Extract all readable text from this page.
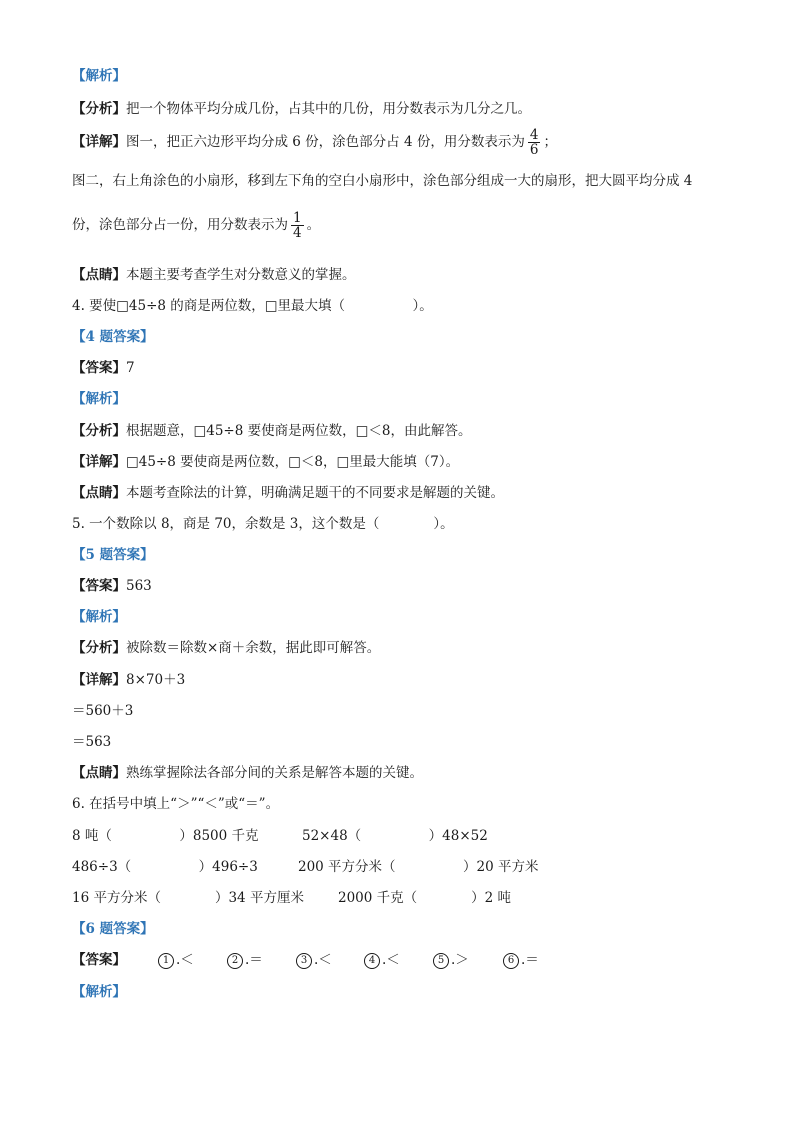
【解析】
【分析】把一个物体平均分成几份，占其中的几份，用分数表示为几分之几。
【详解】图一，把正六边形平均分成 6 份，涂色部分占 4 份，用分数表示为 $\frac{4}{6}$ ；
图二，右上角涂色的小扇形，移到左下角的空白小扇形中，涂色部分组成一大的扇形，把大圆平均分成 4
份，涂色部分占一份，用分数表示为 $\frac{1}{4}$ 。
【点睛】本题主要考查学生对分数意义的掌握。
4. 要使□45÷8 的商是两位数，□里最大填（　　　　　）。
【4 题答案】
【答案】7
【解析】
【分析】根据题意，□45÷8 要使商是两位数，□＜8，由此解答。
【详解】□45÷8 要使商是两位数，□＜8，□里最大能填（7）。
【点睛】本题考查除法的计算，明确满足题干的不同要求是解题的关键。
5. 一个数除以 8，商是 70，余数是 3，这个数是（　　　　）。
【5 题答案】
【答案】563
【解析】
【分析】被除数＝除数×商＋余数，据此即可解答。
【详解】8×70＋3
＝560＋3
＝563
【点睛】熟练掌握除法各部分间的关系是解答本题的关键。
6. 在括号中填上“＞”“＜”或“＝”。
8 吨（　　　　　）8500 千克	52×48（　　　　　）48×52
486÷3（　　　　　）496÷3	200 平方分米（　　　　　）20 平方米
16 平方分米（　　　　）34 平方厘米	2000 千克（　　　　）2 吨
【6 题答案】
【答案】	1 .＜	2 .＝	3 .＜	4 .＜	5 .＞	6 .＝
【解析】
